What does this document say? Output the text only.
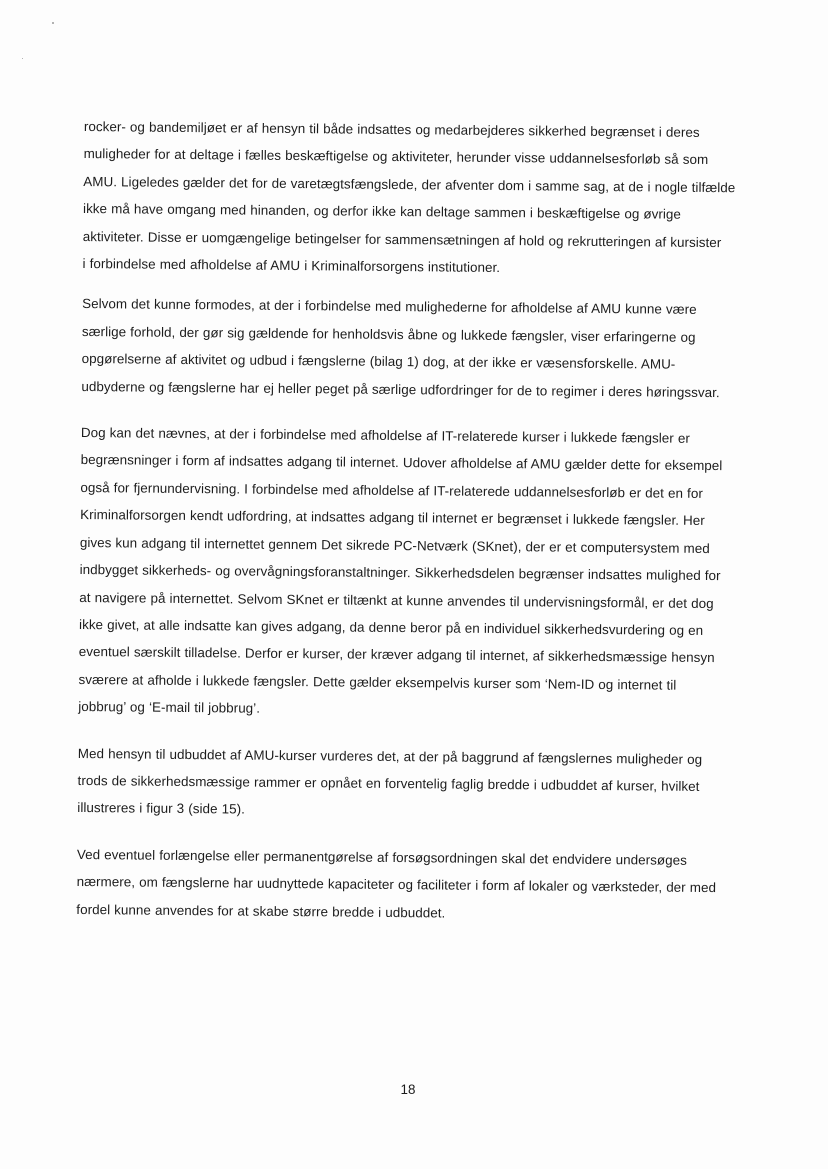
rocker- og bandemiljøet er af hensyn til både indsattes og medarbejderes sikkerhed begrænset i deres
muligheder for at deltage i fælles beskæftigelse og aktiviteter, herunder visse uddannelsesforløb så som
AMU. Ligeledes gælder det for de varetægtsfængslede, der afventer dom i samme sag, at de i nogle tilfælde
ikke må have omgang med hinanden, og derfor ikke kan deltage sammen i beskæftigelse og øvrige
aktiviteter. Disse er uomgængelige betingelser for sammensætningen af hold og rekrutteringen af kursister
i forbindelse med afholdelse af AMU i Kriminalforsorgens institutioner.

Selvom det kunne formodes, at der i forbindelse med mulighederne for afholdelse af AMU kunne være
særlige forhold, der gør sig gældende for henholdsvis åbne og lukkede fængsler, viser erfaringerne og
opgørelserne af aktivitet og udbud i fængslerne (bilag 1) dog, at der ikke er væsensforskelle. AMU-
udbyderne og fængslerne har ej heller peget på særlige udfordringer for de to regimer i deres høringssvar.

Dog kan det nævnes, at der i forbindelse med afholdelse af IT-relaterede kurser i lukkede fængsler er
begrænsninger i form af indsattes adgang til internet. Udover afholdelse af AMU gælder dette for eksempel
også for fjernundervisning. I forbindelse med afholdelse af IT-relaterede uddannelsesforløb er det en for
Kriminalforsorgen kendt udfordring, at indsattes adgang til internet er begrænset i lukkede fængsler. Her
gives kun adgang til internettet gennem Det sikrede PC-Netværk (SKnet), der er et computersystem med
indbygget sikkerheds- og overvågningsforanstaltninger. Sikkerhedsdelen begrænser indsattes mulighed for
at navigere på internettet. Selvom SKnet er tiltænkt at kunne anvendes til undervisningsformål, er det dog
ikke givet, at alle indsatte kan gives adgang, da denne beror på en individuel sikkerhedsvurdering og en
eventuel særskilt tilladelse. Derfor er kurser, der kræver adgang til internet, af sikkerhedsmæssige hensyn
sværere at afholde i lukkede fængsler. Dette gælder eksempelvis kurser som ‘Nem-ID og internet til
jobbrug’ og ‘E-mail til jobbrug’.

Med hensyn til udbuddet af AMU-kurser vurderes det, at der på baggrund af fængslernes muligheder og
trods de sikkerhedsmæssige rammer er opnået en forventelig faglig bredde i udbuddet af kurser, hvilket
illustreres i figur 3 (side 15).

Ved eventuel forlængelse eller permanentgørelse af forsøgsordningen skal det endvidere undersøges
nærmere, om fængslerne har uudnyttede kapaciteter og faciliteter i form af lokaler og værksteder, der med
fordel kunne anvendes for at skabe større bredde i udbuddet.

18
